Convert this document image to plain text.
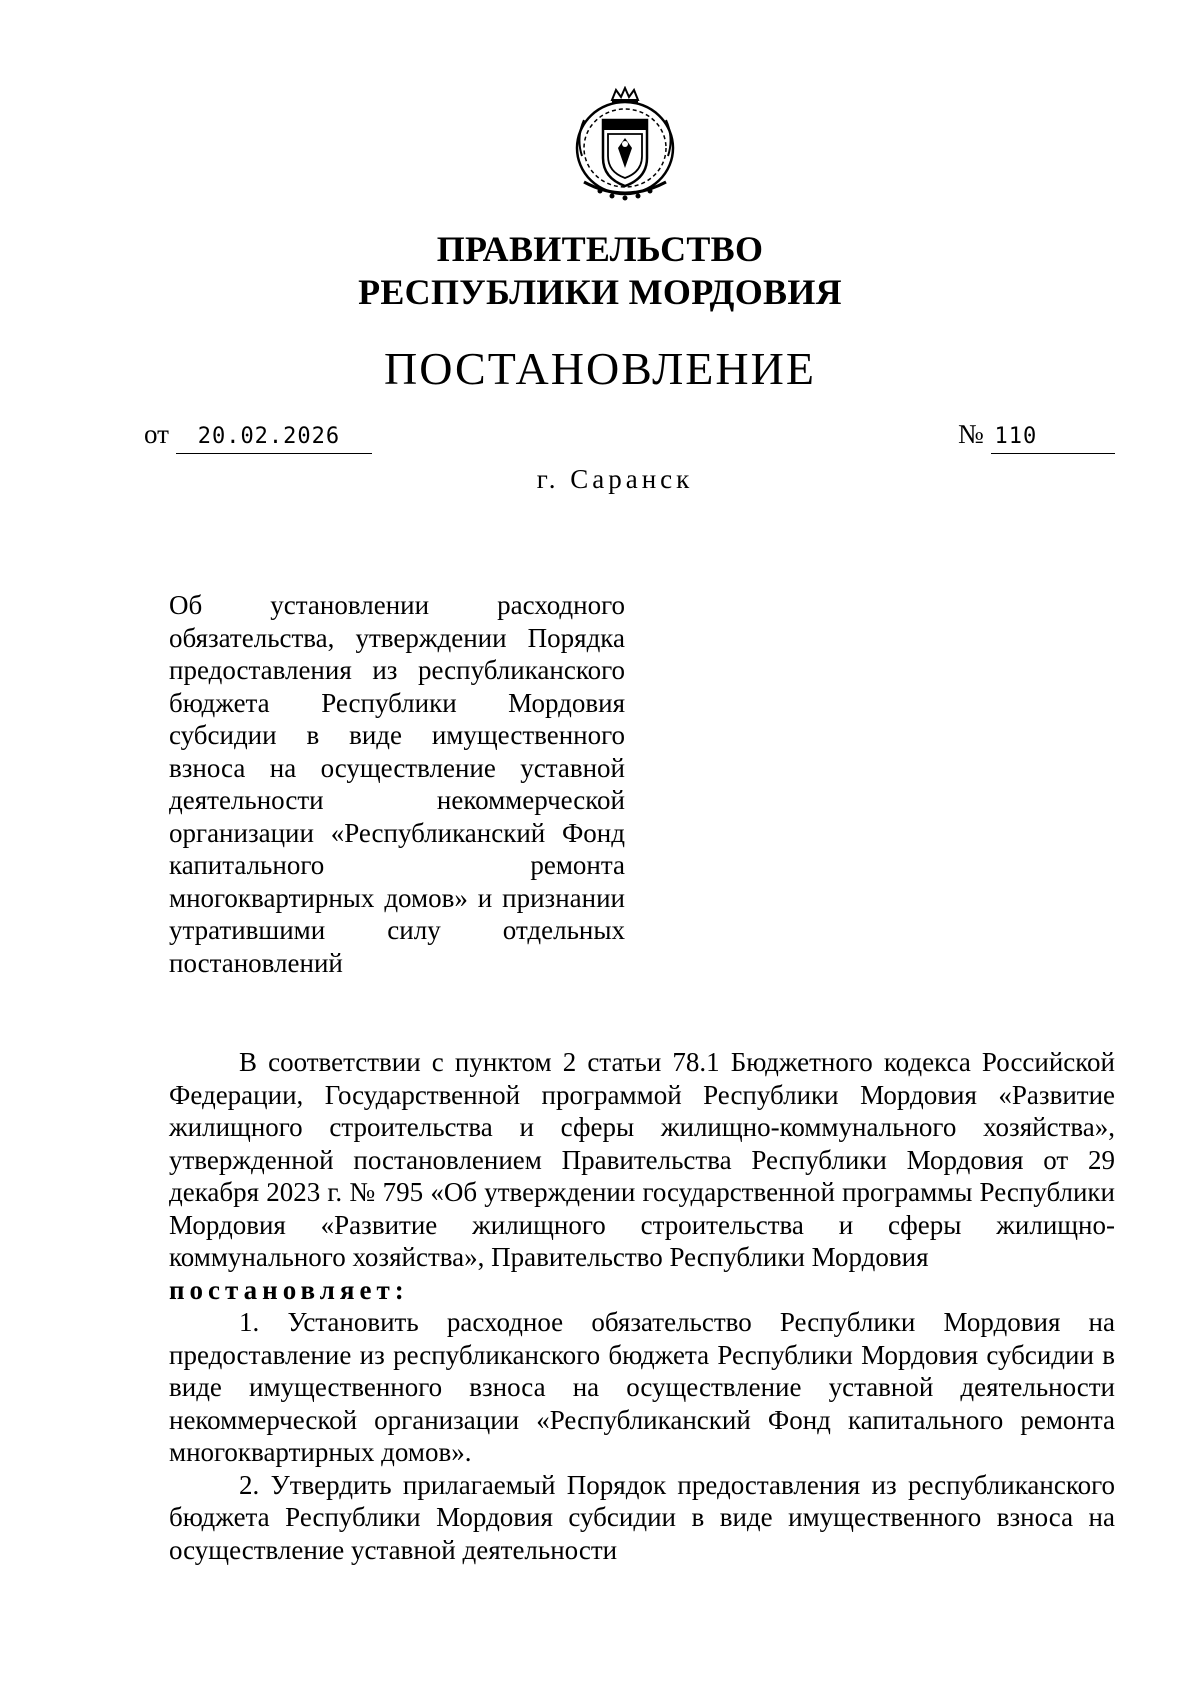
ПРАВИТЕЛЬСТВО
РЕСПУБЛИКИ МОРДОВИЯ
ПОСТАНОВЛЕНИЕ
от 20.02.2026	№ 110
г. Саранск
Об установлении расходного обязательства, утверждении Порядка предоставления из республиканского бюджета Республики Мордовия субсидии в виде имущественного взноса на осуществление уставной деятельности некоммерческой организации «Республиканский Фонд капитального ремонта многоквартирных домов» и признании утратившими силу отдельных постановлений

В соответствии с пунктом 2 статьи 78.1 Бюджетного кодекса Российской Федерации, Государственной программой Республики Мордовия «Развитие жилищного строительства и сферы жилищно-коммунального хозяйства», утвержденной постановлением Правительства Республики Мордовия от 29 декабря 2023 г. № 795 «Об утверждении государственной программы Республики Мордовия «Развитие жилищного строительства и сферы жилищно-коммунального хозяйства», Правительство Республики Мордовия

постановляет:

1. Установить расходное обязательство Республики Мордовия на предоставление из республиканского бюджета Республики Мордовия субсидии в виде имущественного взноса на осуществление уставной деятельности некоммерческой организации «Республиканский Фонд капитального ремонта многоквартирных домов».

2. Утвердить прилагаемый Порядок предоставления из республиканского бюджета Республики Мордовия субсидии в виде имущественного взноса на осуществление уставной деятельности
